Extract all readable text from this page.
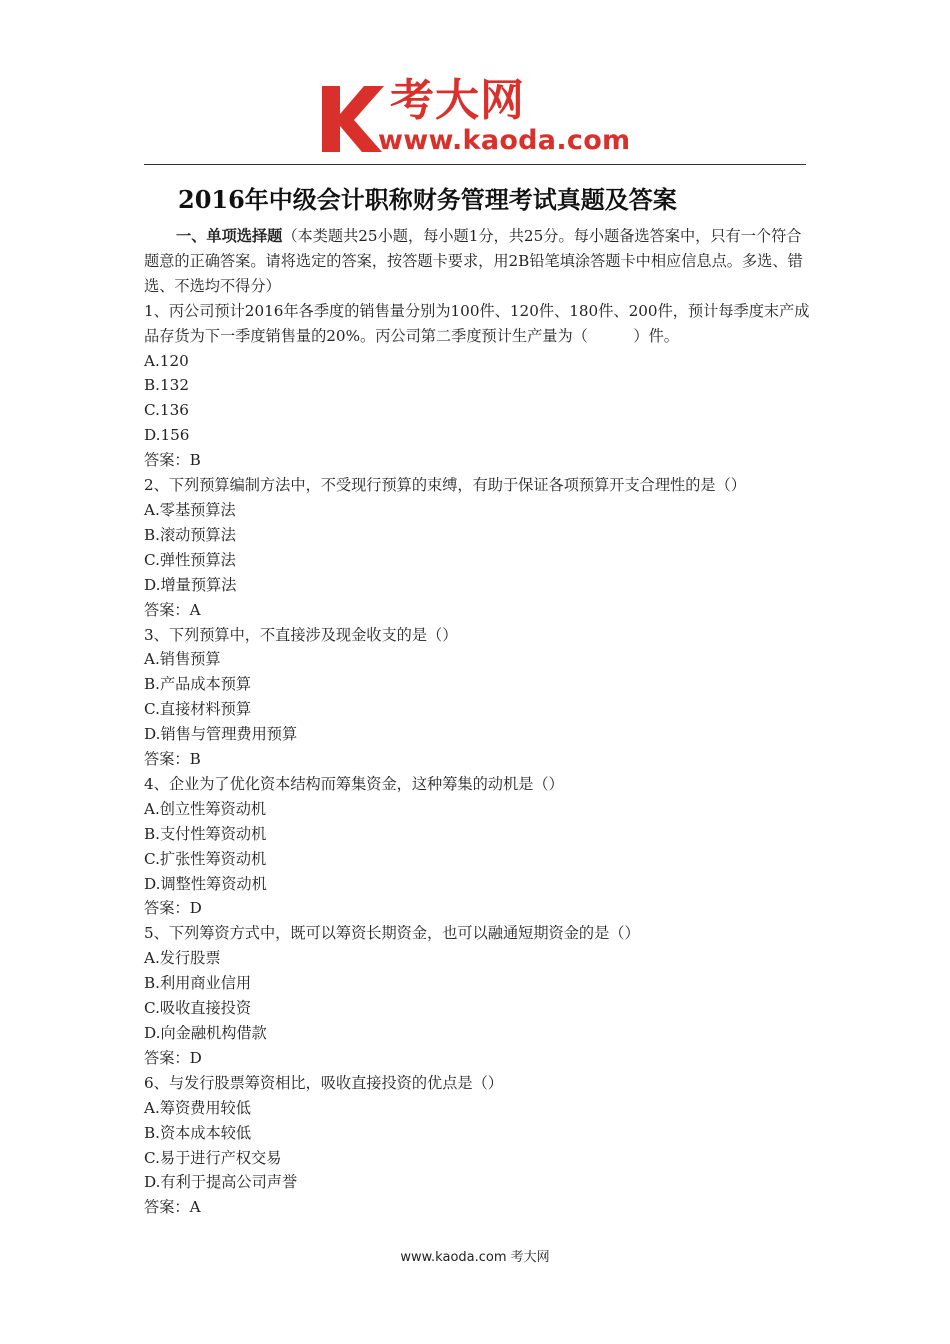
考大网
www.kaoda.com
2016年中级会计职称财务管理考试真题及答案

一、单项选择题（本类题共25小题，每小题1分，共25分。每小题备选答案中，只有一个符合题意的正确答案。请将选定的答案，按答题卡要求，用2B铅笔填涂答题卡中相应信息点。多选、错选、不选均不得分）

1、丙公司预计2016年各季度的销售量分别为100件、120件、180件、200件，预计每季度末产成品存货为下一季度销售量的20%。丙公司第二季度预计生产量为（　　　）件。

A.120

B.132

C.136

D.156

答案：B

2、下列预算编制方法中，不受现行预算的束缚，有助于保证各项预算开支合理性的是（）

A.零基预算法

B.滚动预算法

C.弹性预算法

D.增量预算法

答案：A

3、下列预算中，不直接涉及现金收支的是（）

A.销售预算

B.产品成本预算

C.直接材料预算

D.销售与管理费用预算

答案：B

4、企业为了优化资本结构而筹集资金，这种筹集的动机是（）

A.创立性筹资动机

B.支付性筹资动机

C.扩张性筹资动机

D.调整性筹资动机

答案：D

5、下列筹资方式中，既可以筹资长期资金，也可以融通短期资金的是（）

A.发行股票

B.利用商业信用

C.吸收直接投资

D.向金融机构借款

答案：D

6、与发行股票筹资相比，吸收直接投资的优点是（）

A.筹资费用较低

B.资本成本较低

C.易于进行产权交易

D.有利于提高公司声誉

答案：A

www.kaoda.com 考大网
